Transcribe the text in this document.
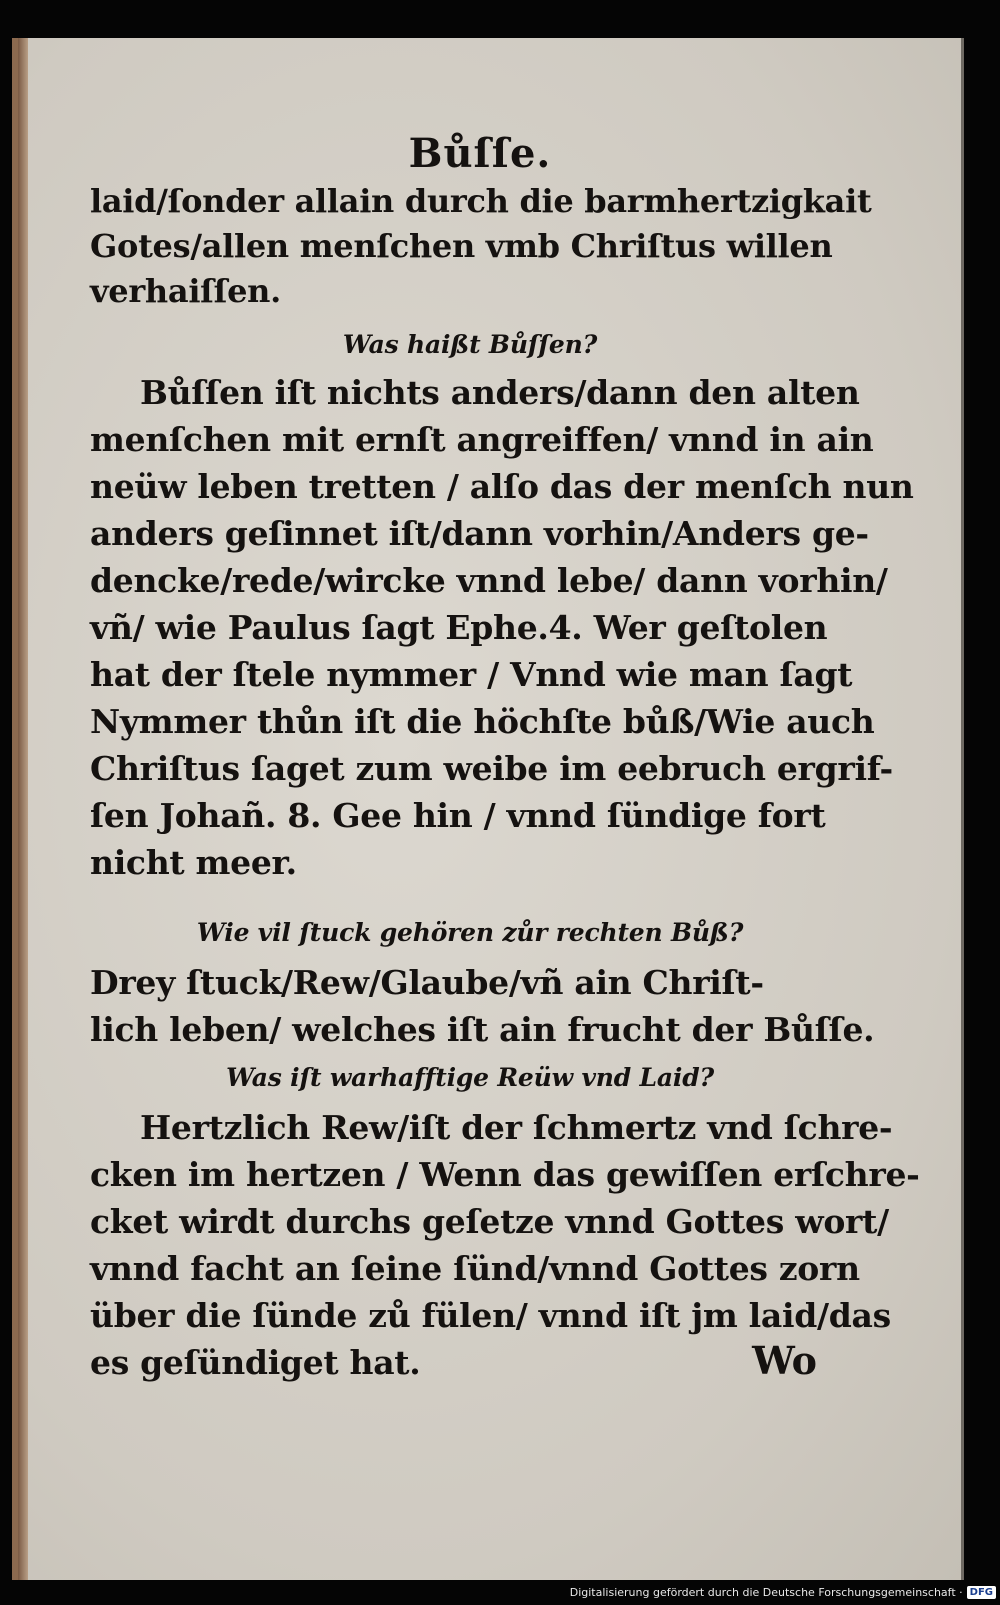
Bůſſe.

laid/ſonder allain durch die barmhertzigkait

Gotes/allen menſchen vmb Chriſtus willen

verhaiſſen.

Was haißt Bůſſen?

Bůſſen iſt nichts anders/dann den alten

menſchen mit ernſt angreiffen/ vnnd in ain

neüw leben tretten / alſo das der menſch nun

anders geſinnet iſt/dann vorhin/Anders ge-

dencke/rede/wircke vnnd lebe/ dann vorhin/

vñ/ wie Paulus ſagt Ephe.4. Wer geſtolen

hat der ſtele nymmer / Vnnd wie man ſagt

Nymmer thůn iſt die höchſte bůß/Wie auch

Chriſtus ſaget zum weibe im eebruch ergrif-

ſen Johañ. 8. Gee hin / vnnd ſündige fort

nicht meer.

Wie vil ſtuck gehören zůr rechten Bůß?

Drey ſtuck/Rew/Glaube/vñ ain Chriſt-

lich leben/ welches iſt ain frucht der Bůſſe.

Was iſt warhafftige Reüw vnd Laid?

Hertzlich Rew/iſt der ſchmertz vnd ſchre-

cken im hertzen / Wenn das gewiſſen erſchre-

cket wirdt durchs geſetze vnnd Gottes wort/

vnnd facht an ſeine ſünd/vnnd Gottes zorn

über die ſünde zů fülen/ vnnd iſt jm laid/das

es geſündiget hat.	Wo
Digitalisierung gefördert durch die Deutsche Forschungsgemeinschaft · DFG
